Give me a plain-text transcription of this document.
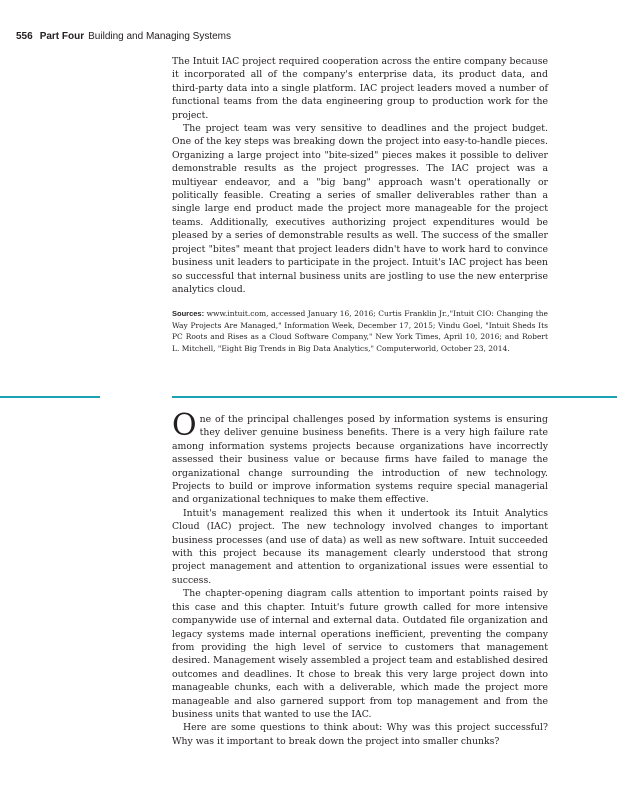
556 Part Four Building and Managing Systems

The Intuit IAC project required cooperation across the entire company because it incorporated all of the company's enterprise data, its product data, and third-party data into a single platform. IAC project leaders moved a number of functional teams from the data engineering group to production work for the project.

The project team was very sensitive to deadlines and the project budget. One of the key steps was breaking down the project into easy-to-handle pieces. Organizing a large project into "bite-sized" pieces makes it possible to deliver demonstrable results as the project progresses. The IAC project was a multiyear endeavor, and a "big bang" approach wasn't operationally or politically feasible. Creating a series of smaller deliverables rather than a single large end product made the project more manageable for the project teams. Additionally, executives authorizing project expenditures would be pleased by a series of demonstrable results as well. The success of the smaller project "bites" meant that project leaders didn't have to work hard to convince business unit leaders to participate in the project. Intuit's IAC project has been so successful that internal business units are jostling to use the new enterprise analytics cloud.

Sources: www.intuit.com, accessed January 16, 2016; Curtis Franklin Jr.,"Intuit CIO: Changing the Way Projects Are Managed," Information Week, December 17, 2015; Vindu Goel, "Intuit Sheds Its PC Roots and Rises as a Cloud Software Company," New York Times, April 10, 2016; and Robert L. Mitchell, "Eight Big Trends in Big Data Analytics," Computerworld, October 23, 2014.

One of the principal challenges posed by information systems is ensuring they deliver genuine business benefits. There is a very high failure rate among information systems projects because organizations have incorrectly assessed their business value or because firms have failed to manage the organizational change surrounding the introduction of new technology. Projects to build or improve information systems require special managerial and organizational techniques to make them effective.

Intuit's management realized this when it undertook its Intuit Analytics Cloud (IAC) project. The new technology involved changes to important business processes (and use of data) as well as new software. Intuit succeeded with this project because its management clearly understood that strong project management and attention to organizational issues were essential to success.

The chapter-opening diagram calls attention to important points raised by this case and this chapter. Intuit's future growth called for more intensive companywide use of internal and external data. Outdated file organization and legacy systems made internal operations inefficient, preventing the company from providing the high level of service to customers that management desired. Management wisely assembled a project team and established desired outcomes and deadlines. It chose to break this very large project down into manageable chunks, each with a deliverable, which made the project more manageable and also garnered support from top management and from the business units that wanted to use the IAC.

Here are some questions to think about: Why was this project successful? Why was it important to break down the project into smaller chunks?
